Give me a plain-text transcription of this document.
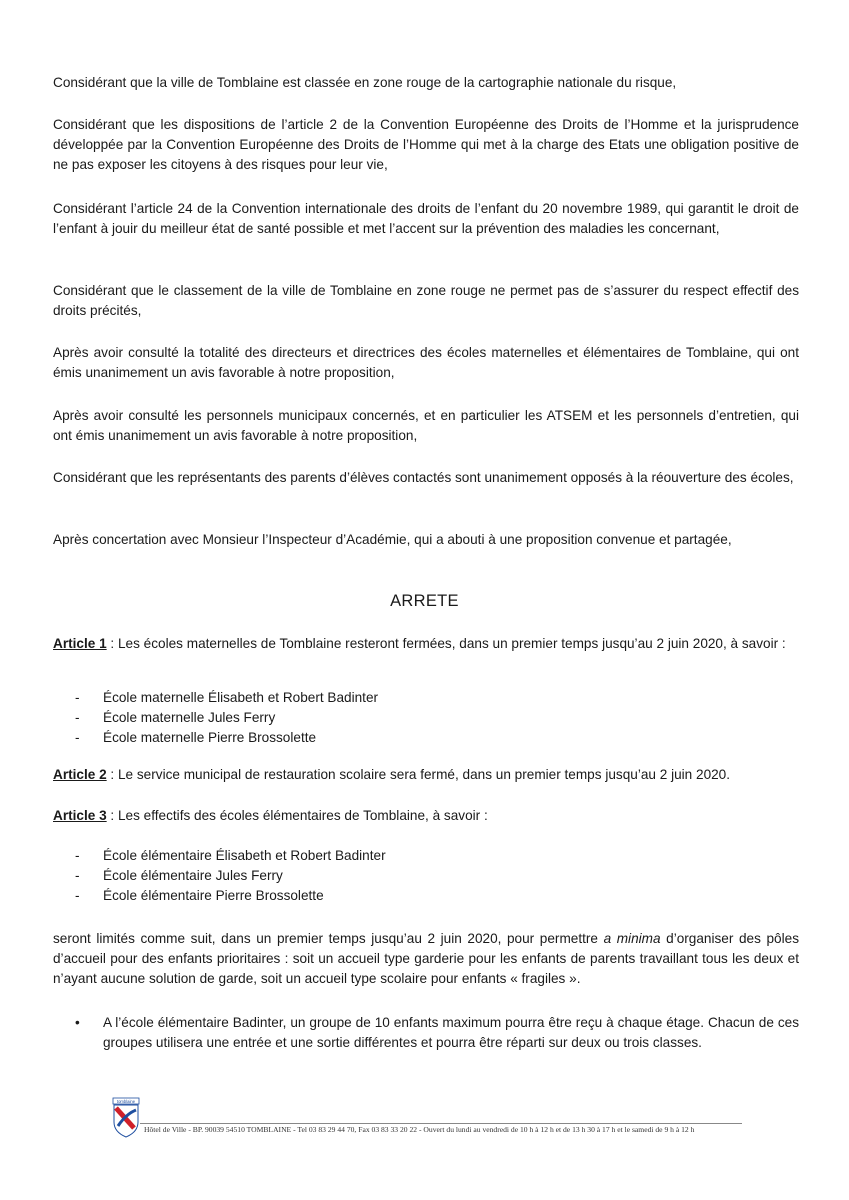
Considérant que la ville de Tomblaine est classée en zone rouge de la cartographie nationale du risque,

Considérant que les dispositions de l’article 2 de la Convention Européenne des Droits de l’Homme et la jurisprudence développée par la Convention Européenne des Droits de l’Homme qui met à la charge des Etats une obligation positive de ne pas exposer les citoyens à des risques pour leur vie,

Considérant l’article 24 de la Convention internationale des droits de l’enfant du 20 novembre 1989, qui garantit le droit de l’enfant à jouir du meilleur état de santé possible et met l’accent sur la prévention des maladies les concernant,

Considérant que le classement de la ville de Tomblaine en zone rouge ne permet pas de s’assurer du respect effectif des droits précités,

Après avoir consulté la totalité des directeurs et directrices des écoles maternelles et élémentaires de Tomblaine, qui ont émis unanimement un avis favorable à notre proposition,

Après avoir consulté les personnels municipaux concernés, et en particulier les ATSEM et les personnels d’entretien, qui ont émis unanimement un avis favorable à notre proposition,

Considérant que les représentants des parents d’élèves contactés sont unanimement opposés à la réouverture des écoles,

Après concertation avec Monsieur l’Inspecteur d’Académie, qui a abouti à une proposition convenue et partagée,

ARRETE

Article 1 : Les écoles maternelles de Tomblaine resteront fermées, dans un premier temps jusqu’au 2 juin 2020, à savoir :

- École maternelle Élisabeth et Robert Badinter
- École maternelle Jules Ferry
- École maternelle Pierre Brossolette

Article 2 : Le service municipal de restauration scolaire sera fermé, dans un premier temps jusqu’au 2 juin 2020.

Article 3 : Les effectifs des écoles élémentaires de Tomblaine, à savoir :

- École élémentaire Élisabeth et Robert Badinter
- École élémentaire Jules Ferry
- École élémentaire Pierre Brossolette

seront limités comme suit, dans un premier temps jusqu’au 2 juin 2020, pour permettre a minima d’organiser des pôles d’accueil pour des enfants prioritaires : soit un accueil type garderie pour les enfants de parents travaillant tous les deux et n’ayant aucune solution de garde, soit un accueil type scolaire pour enfants « fragiles ».

• A l’école élémentaire Badinter, un groupe de 10 enfants maximum pourra être reçu à chaque étage. Chacun de ces groupes utilisera une entrée et une sortie différentes et pourra être réparti sur deux ou trois classes.
tomblaine
Hôtel de Ville - BP. 90039 54510 TOMBLAINE - Tel 03 83 29 44 70, Fax 03 83 33 20 22 - Ouvert du lundi au vendredi de 10 h à 12 h et de 13 h 30 à 17 h et le samedi de 9 h à 12 h
